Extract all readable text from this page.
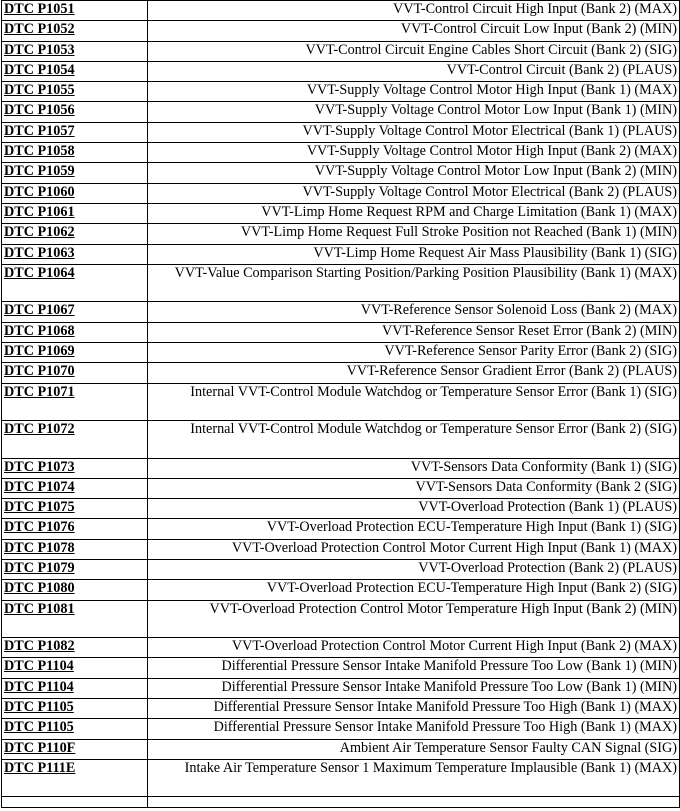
DTC P1051	VVT-Control Circuit High Input (Bank 2) (MAX)
DTC P1052	VVT-Control Circuit Low Input (Bank 2) (MIN)
DTC P1053	VVT-Control Circuit Engine Cables Short Circuit (Bank 2) (SIG)
DTC P1054	VVT-Control Circuit (Bank 2) (PLAUS)
DTC P1055	VVT-Supply Voltage Control Motor High Input (Bank 1) (MAX)
DTC P1056	VVT-Supply Voltage Control Motor Low Input (Bank 1) (MIN)
DTC P1057	VVT-Supply Voltage Control Motor Electrical (Bank 1) (PLAUS)
DTC P1058	VVT-Supply Voltage Control Motor High Input (Bank 2) (MAX)
DTC P1059	VVT-Supply Voltage Control Motor Low Input (Bank 2) (MIN)
DTC P1060	VVT-Supply Voltage Control Motor Electrical (Bank 2) (PLAUS)
DTC P1061	VVT-Limp Home Request RPM and Charge Limitation (Bank 1) (MAX)
DTC P1062	VVT-Limp Home Request Full Stroke Position not Reached (Bank 1) (MIN)
DTC P1063	VVT-Limp Home Request Air Mass Plausibility (Bank 1) (SIG)
DTC P1064	VVT-Value Comparison Starting Position/Parking Position Plausibility (Bank 1) (MAX)
DTC P1067	VVT-Reference Sensor Solenoid Loss (Bank 2) (MAX)
DTC P1068	VVT-Reference Sensor Reset Error (Bank 2) (MIN)
DTC P1069	VVT-Reference Sensor Parity Error (Bank 2) (SIG)
DTC P1070	VVT-Reference Sensor Gradient Error (Bank 2) (PLAUS)
DTC P1071	Internal VVT-Control Module Watchdog or Temperature Sensor Error (Bank 1) (SIG)
DTC P1072	Internal VVT-Control Module Watchdog or Temperature Sensor Error (Bank 2) (SIG)
DTC P1073	VVT-Sensors Data Conformity (Bank 1) (SIG)
DTC P1074	VVT-Sensors Data Conformity (Bank 2 (SIG)
DTC P1075	VVT-Overload Protection (Bank 1) (PLAUS)
DTC P1076	VVT-Overload Protection ECU-Temperature High Input (Bank 1) (SIG)
DTC P1078	VVT-Overload Protection Control Motor Current High Input (Bank 1) (MAX)
DTC P1079	VVT-Overload Protection (Bank 2) (PLAUS)
DTC P1080	VVT-Overload Protection ECU-Temperature High Input (Bank 2) (SIG)
DTC P1081	VVT-Overload Protection Control Motor Temperature High Input (Bank 2) (MIN)
DTC P1082	VVT-Overload Protection Control Motor Current High Input (Bank 2) (MAX)
DTC P1104	Differential Pressure Sensor Intake Manifold Pressure Too Low (Bank 1) (MIN)
DTC P1104	Differential Pressure Sensor Intake Manifold Pressure Too Low (Bank 1) (MIN)
DTC P1105	Differential Pressure Sensor Intake Manifold Pressure Too High (Bank 1) (MAX)
DTC P1105	Differential Pressure Sensor Intake Manifold Pressure Too High (Bank 1) (MAX)
DTC P110F	Ambient Air Temperature Sensor Faulty CAN Signal (SIG)
DTC P111E	Intake Air Temperature Sensor 1 Maximum Temperature Implausible (Bank 1) (MAX)
